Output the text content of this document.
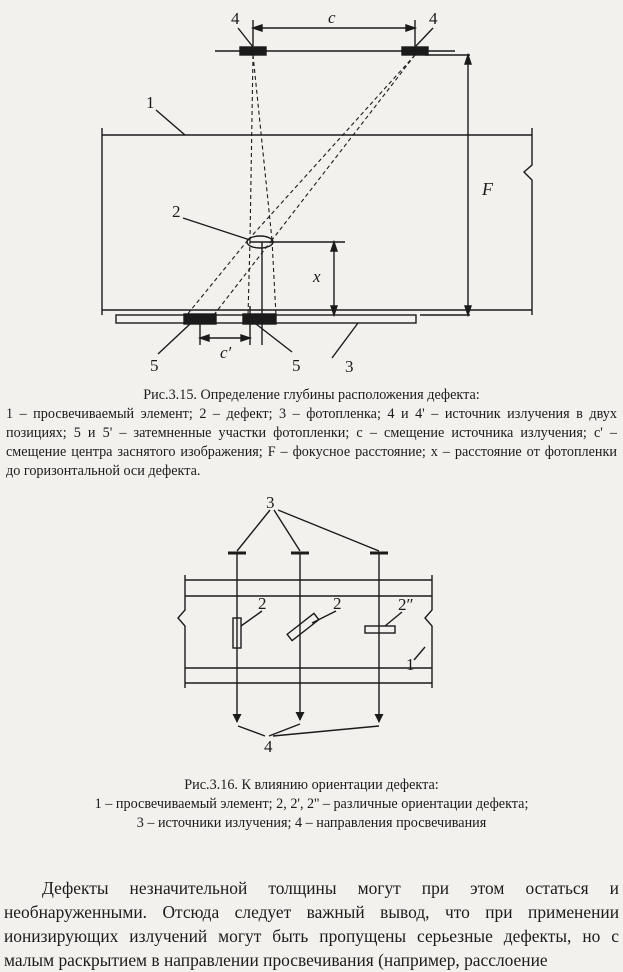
4	4
c
1
2
F
x
c′
5	5	3
Рис.3.15. Определение глубины расположения дефекта:
1 – просвечиваемый элемент; 2 – дефект; 3 – фотопленка; 4 и 4' – источник излучения в двух позициях; 5 и 5' – затемненные участки фотопленки; c – смещение источника излучения; c' – смещение центра заснятого изображения; F – фокусное расстояние; x – расстояние от фотопленки до горизонтальной оси дефекта.
3
2	2	2″
1
4
Рис.3.16. К влиянию ориентации дефекта:
1 – просвечиваемый элемент; 2, 2', 2'' – различные ориентации дефекта;
3 – источники излучения; 4 – направления просвечивания
Дефекты незначительной толщины могут при этом остаться и необнаруженными. Отсюда следует важный вывод, что при применении ионизирующих излучений могут быть пропущены серьезные дефекты, но с малым раскрытием в направлении просвечивания (например, расслоение
